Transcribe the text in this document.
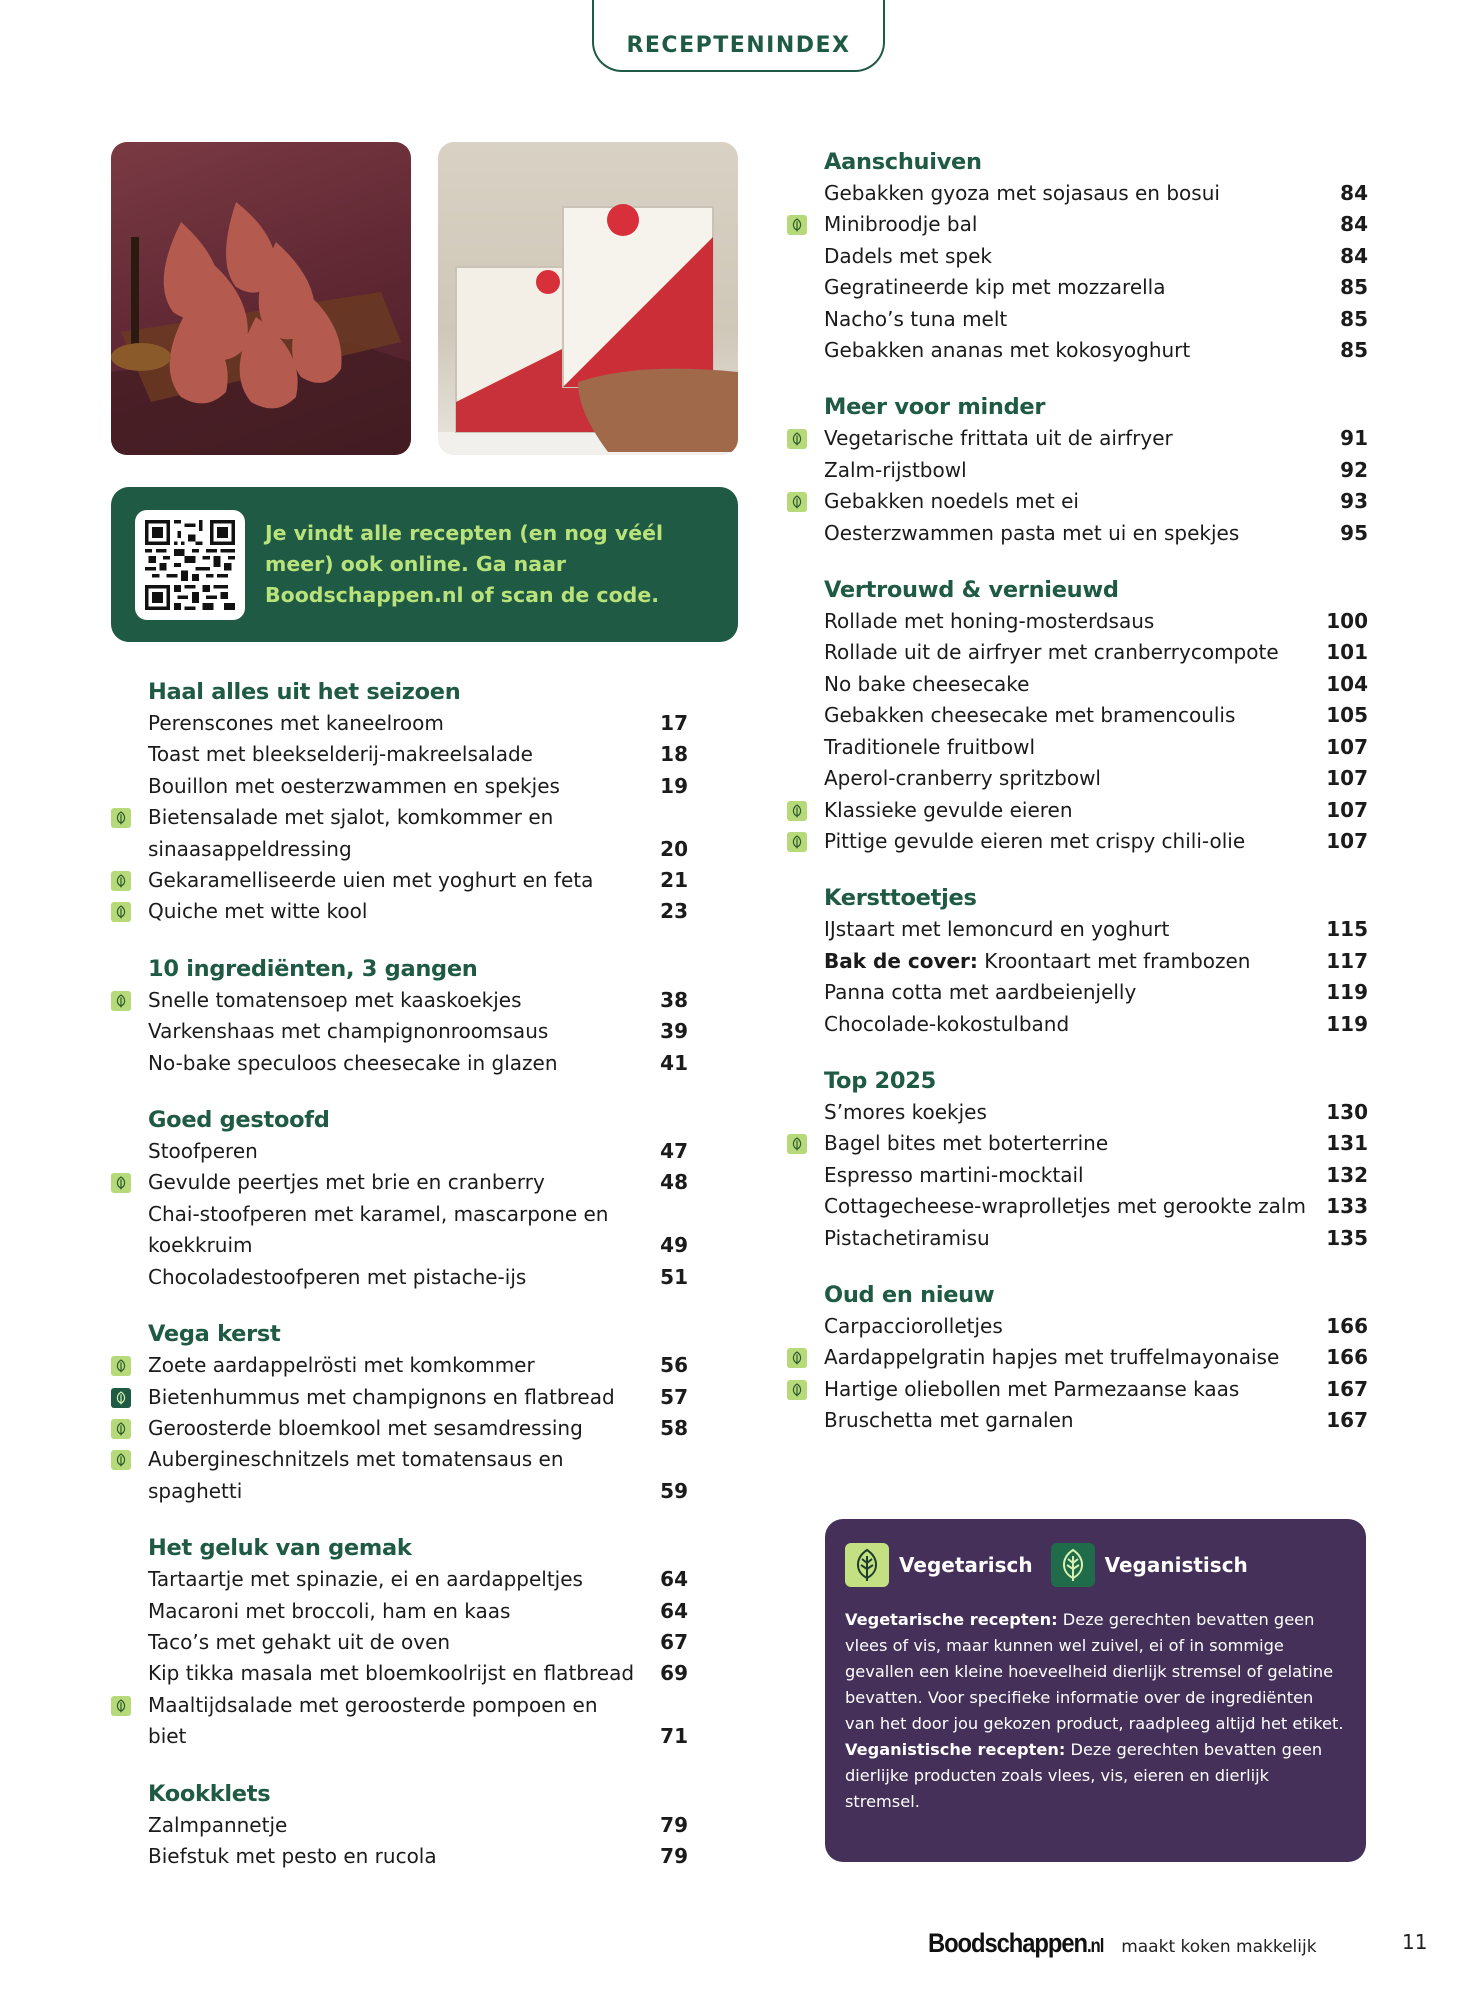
RECEPTENINDEX
Je vindt alle recepten (en nog véél meer) ook online. Ga naar Boodschappen.nl of scan de code.
Haal alles uit het seizoen
Perenscones met kaneelroom	17
Toast met bleekselderij-makreelsalade	18
Bouillon met oesterzwammen en spekjes	19
Bietensalade met sjalot, komkommer en sinaasappeldressing	20
Gekaramelliseerde uien met yoghurt en feta	21
Quiche met witte kool	23
10 ingrediënten, 3 gangen
Snelle tomatensoep met kaaskoekjes	38
Varkenshaas met champignonroomsaus	39
No-bake speculoos cheesecake in glazen	41
Goed gestoofd
Stoofperen	47
Gevulde peertjes met brie en cranberry	48
Chai-stoofperen met karamel, mascarpone en koekkruim	49
Chocoladestoofperen met pistache-ijs	51
Vega kerst
Zoete aardappelrösti met komkommer	56
Bietenhummus met champignons en flatbread	57
Geroosterde bloemkool met sesamdressing	58
Aubergineschnitzels met tomatensaus en spaghetti	59
Het geluk van gemak
Tartaartje met spinazie, ei en aardappeltjes	64
Macaroni met broccoli, ham en kaas	64
Taco’s met gehakt uit de oven	67
Kip tikka masala met bloemkoolrijst en flatbread	69
Maaltijdsalade met geroosterde pompoen en biet	71
Kookklets
Zalmpannetje	79
Biefstuk met pesto en rucola	79
Aanschuiven
Gebakken gyoza met sojasaus en bosui	84
Minibroodje bal	84
Dadels met spek	84
Gegratineerde kip met mozzarella	85
Nacho’s tuna melt	85
Gebakken ananas met kokosyoghurt	85
Meer voor minder
Vegetarische frittata uit de airfryer	91
Zalm-rijstbowl	92
Gebakken noedels met ei	93
Oesterzwammen pasta met ui en spekjes	95
Vertrouwd & vernieuwd
Rollade met honing-mosterdsaus	100
Rollade uit de airfryer met cranberrycompote	101
No bake cheesecake	104
Gebakken cheesecake met bramencoulis	105
Traditionele fruitbowl	107
Aperol-cranberry spritzbowl	107
Klassieke gevulde eieren	107
Pittige gevulde eieren met crispy chili-olie	107
Kersttoetjes
IJstaart met lemoncurd en yoghurt	115
Bak de cover: Kroontaart met frambozen	117
Panna cotta met aardbeienjelly	119
Chocolade-kokostulband	119
Top 2025
S’mores koekjes	130
Bagel bites met boterterrine	131
Espresso martini-mocktail	132
Cottagecheese-wraprolletjes met gerookte zalm	133
Pistachetiramisu	135
Oud en nieuw
Carpacciorolletjes	166
Aardappelgratin hapjes met truffelmayonaise	166
Hartige oliebollen met Parmezaanse kaas	167
Bruschetta met garnalen	167
Vegetarisch	Veganistisch
Vegetarische recepten: Deze gerechten bevatten geen vlees of vis, maar kunnen wel zuivel, ei of in sommige gevallen een kleine hoeveelheid dierlijk stremsel of gelatine bevatten. Voor specifieke informatie over de ingrediënten van het door jou gekozen product, raadpleeg altijd het etiket.
Veganistische recepten: Deze gerechten bevatten geen dierlijke producten zoals vlees, vis, eieren en dierlijk stremsel.
Boodschappen.nl maakt koken makkelijk	11
